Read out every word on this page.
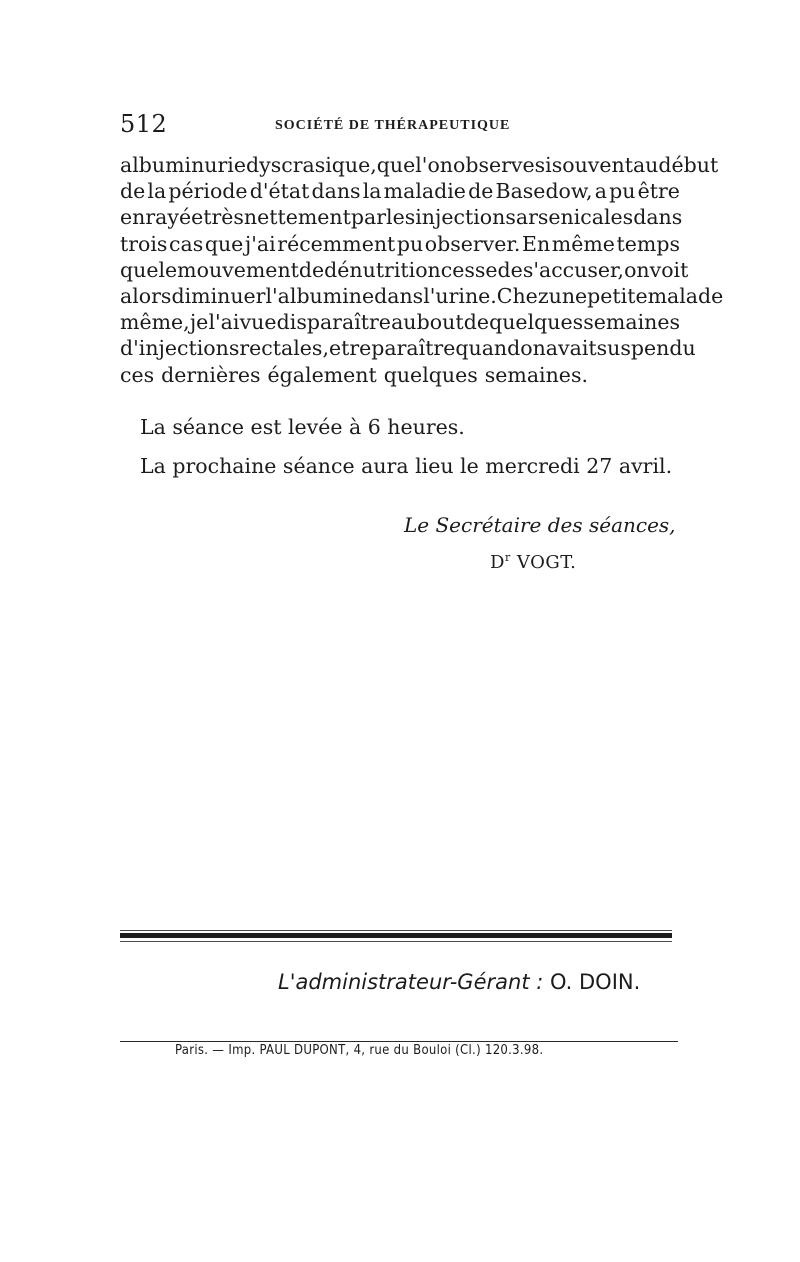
512	SOCIÉTÉ DE THÉRAPEUTIQUE
albuminurie dyscrasique, que l'on observe si souvent au début
de la période d'état dans la maladie de Basedow, a pu être
enrayée très nettement par les injections arsenicales dans
trois cas que j'ai récemment pu observer. En même temps
que le mouvement de dénutrition cesse de s'accuser, on voit
alors diminuer l'albumine dans l'urine. Chez une petite malade
même, je l'ai vue disparaître au bout de quelques semaines
d'injections rectales, et reparaître quand on avait suspendu
ces dernières également quelques semaines.
La séance est levée à 6 heures.
La prochaine séance aura lieu le mercredi 27 avril.
Le Secrétaire des séances,
$D^r$ VOGT.
L'administrateur-Gérant : O. DOIN.
Paris. — Imp. PAUL DUPONT, 4, rue du Bouloi (Cl.) 120.3.98.
